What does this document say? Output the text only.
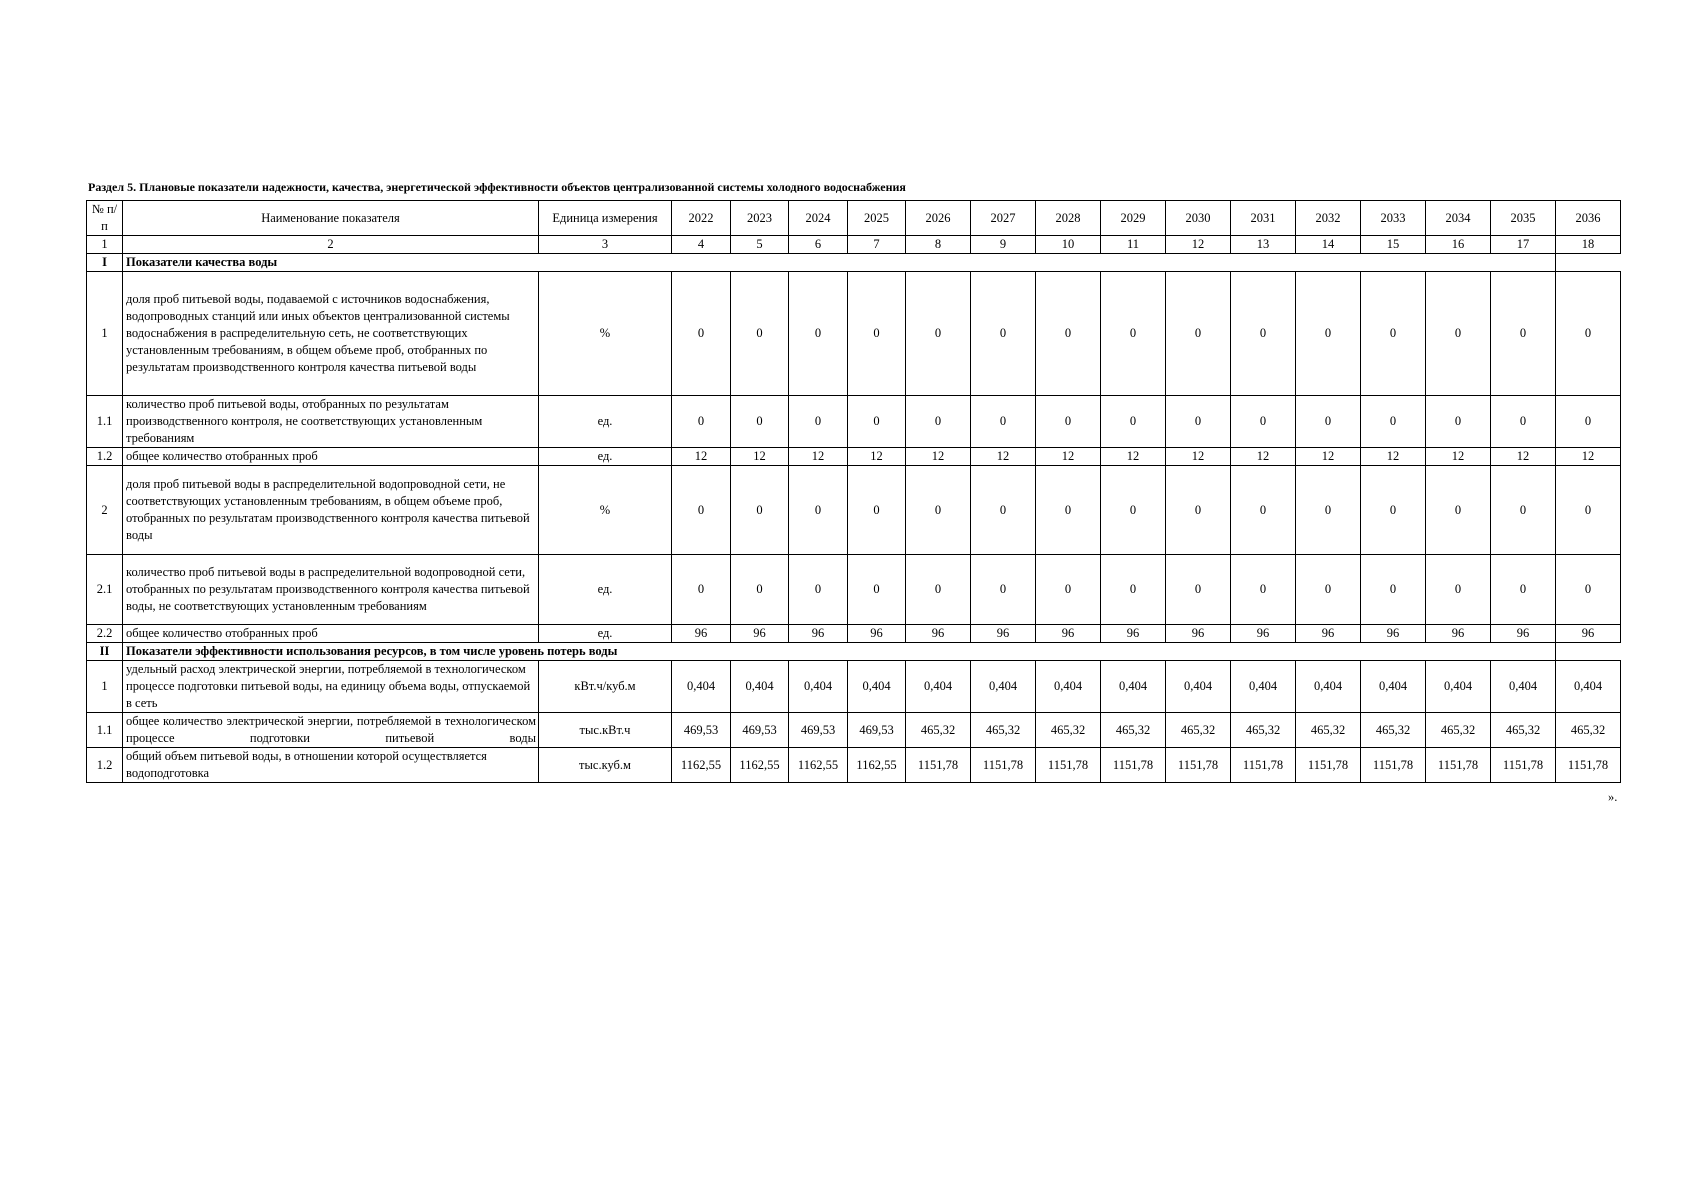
Раздел 5. Плановые показатели надежности, качества, энергетической эффективности объектов централизованной системы холодного водоснабжения
№ п/п	Наименование показателя	Единица измерения	2022	2023	2024	2025	2026	2027	2028	2029	2030	2031	2032	2033	2034	2035	2036
1	2	3	4	5	6	7	8	9	10	11	12	13	14	15	16	17	18
I	Показатели качества воды																
1	доля проб питьевой воды, подаваемой с источников водоснабжения, водопроводных станций или иных объектов централизованной системы водоснабжения в распределительную сеть, не соответствующих установленным требованиям, в общем объеме проб, отобранных по результатам производственного контроля качества питьевой воды	%	0	0	0	0	0	0	0	0	0	0	0	0	0	0	0
1.1	количество проб питьевой воды, отобранных по результатам производственного контроля, не соответствующих установленным требованиям	ед.	0	0	0	0	0	0	0	0	0	0	0	0	0	0	0
1.2	общее количество отобранных проб	ед.	12	12	12	12	12	12	12	12	12	12	12	12	12	12	12
2	доля проб питьевой воды в распределительной водопроводной сети, не соответствующих установленным требованиям, в общем объеме проб, отобранных по результатам производственного контроля качества питьевой воды	%	0	0	0	0	0	0	0	0	0	0	0	0	0	0	0
2.1	количество проб питьевой воды в распределительной водопроводной сети, отобранных по результатам производственного контроля качества питьевой воды, не соответствующих установленным требованиям	ед.	0	0	0	0	0	0	0	0	0	0	0	0	0	0	0
2.2	общее количество отобранных проб	ед.	96	96	96	96	96	96	96	96	96	96	96	96	96	96	96
II	Показатели эффективности использования ресурсов, в том числе уровень потерь воды																
1	удельный расход электрической энергии, потребляемой в технологическом процессе подготовки питьевой воды, на единицу объема воды, отпускаемой в сеть	кВт.ч/куб.м	0,404	0,404	0,404	0,404	0,404	0,404	0,404	0,404	0,404	0,404	0,404	0,404	0,404	0,404	0,404
1.1	общее количество электрической энергии, потребляемой в технологическом процессе подготовки питьевой воды	тыс.кВт.ч	469,53	469,53	469,53	469,53	465,32	465,32	465,32	465,32	465,32	465,32	465,32	465,32	465,32	465,32	465,32
1.2	общий объем питьевой воды, в отношении которой осуществляется водоподготовка	тыс.куб.м	1162,55	1162,55	1162,55	1162,55	1151,78	1151,78	1151,78	1151,78	1151,78	1151,78	1151,78	1151,78	1151,78	1151,78	1151,78
».
